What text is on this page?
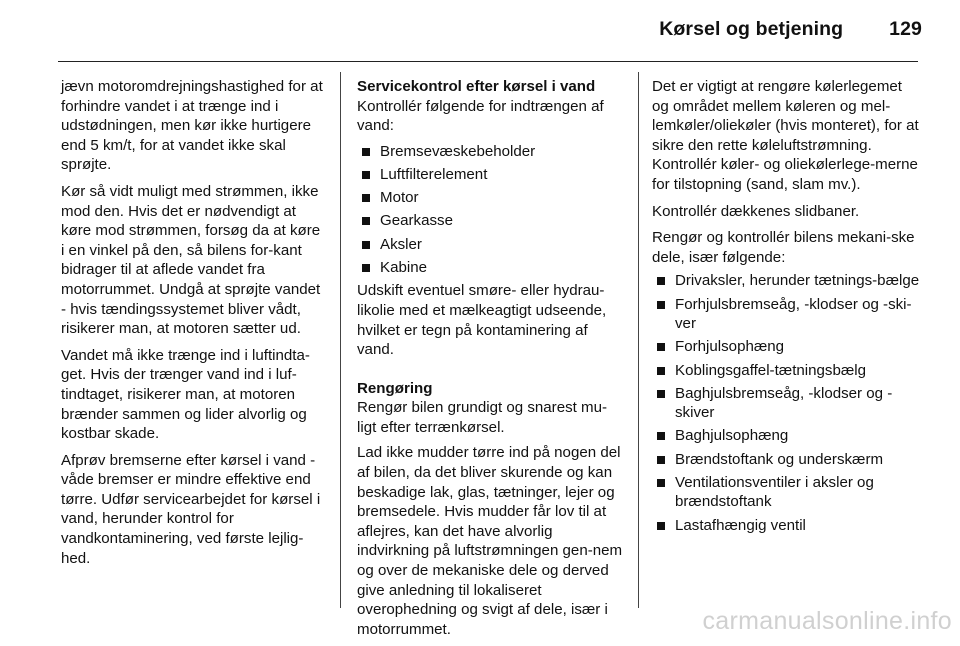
Kørsel og betjening 129

jævn motoromdrejningshastighed for at forhindre vandet i at trænge ind i udstødningen, men kør ikke hurtigere end 5 km/t, for at vandet ikke skal sprøjte.

Kør så vidt muligt med strømmen, ikke mod den. Hvis det er nødvendigt at køre mod strømmen, forsøg da at køre i en vinkel på den, så bilens for-kant bidrager til at aflede vandet fra motorrummet. Undgå at sprøjte vandet - hvis tændingssystemet bliver vådt, risikerer man, at motoren sætter ud.

Vandet må ikke trænge ind i luftindta-get. Hvis der trænger vand ind i luf-tindtaget, risikerer man, at motoren brænder sammen og lider alvorlig og kostbar skade.

Afprøv bremserne efter kørsel i vand - våde bremser er mindre effektive end tørre. Udfør servicearbejdet for kørsel i vand, herunder kontrol for vandkontaminering, ved første lejlig-hed.

Servicekontrol efter kørsel i vand
Kontrollér følgende for indtrængen af vand:

Bremsevæskebeholder
Luftfilterelement
Motor
Gearkasse
Aksler
Kabine

Udskift eventuel smøre- eller hydrau-likolie med et mælkeagtigt udseende, hvilket er tegn på kontaminering af vand.

Rengøring
Rengør bilen grundigt og snarest mu-ligt efter terrænkørsel.

Lad ikke mudder tørre ind på nogen del af bilen, da det bliver skurende og kan beskadige lak, glas, tætninger, lejer og bremsedele. Hvis mudder får lov til at aflejres, kan det have alvorlig indvirkning på luftstrømningen gen-nem og over de mekaniske dele og derved give anledning til lokaliseret overophedning og svigt af dele, især i motorrummet.

Det er vigtigt at rengøre kølerlegemet og området mellem køleren og mel-lemkøler/oliekøler (hvis monteret), for at sikre den rette køleluftstrømning. Kontrollér køler- og oliekølerlege-merne for tilstopning (sand, slam mv.).

Kontrollér dækkenes slidbaner.

Rengør og kontrollér bilens mekani-ske dele, især følgende:

Drivaksler, herunder tætnings-bælge
Forhjulsbremseåg, -klodser og -ski-ver
Forhjulsophæng
Koblingsgaffel-tætningsbælg
Baghjulsbremseåg, -klodser og -skiver
Baghjulsophæng
Brændstoftank og underskærm
Ventilationsventiler i aksler og brændstoftank
Lastafhængig ventil
carmanualsonline.info
